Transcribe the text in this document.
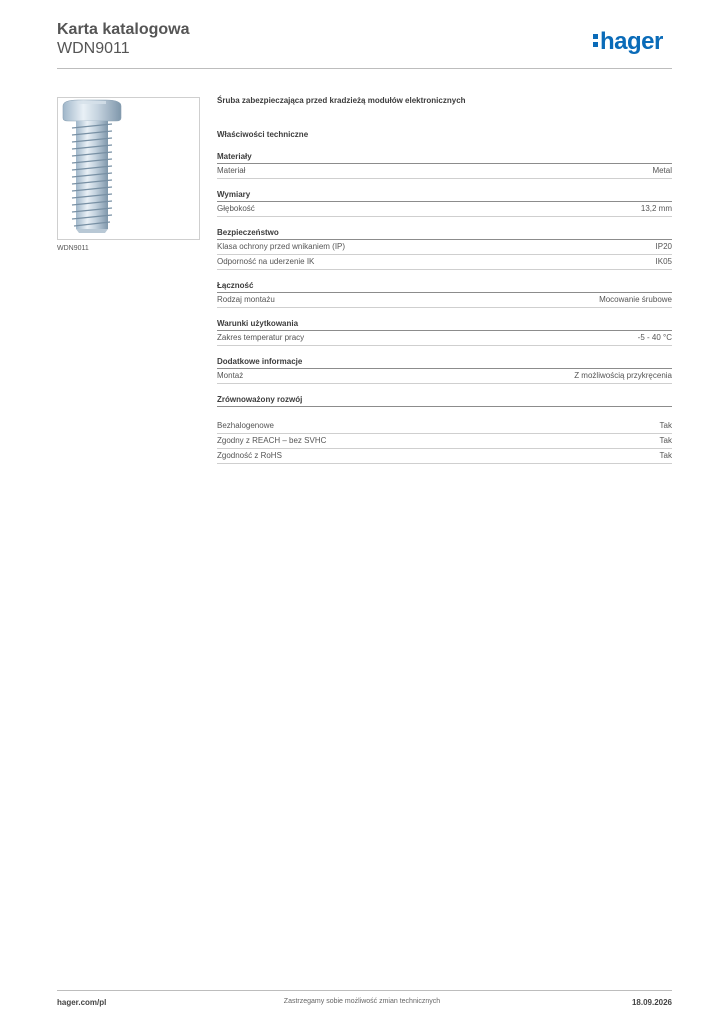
Karta katalogowa
WDN9011	hager
WDN9011
Śruba zabezpieczająca przed kradzieżą modułów elektronicznych
Właściwości techniczne
Materiały
Materiał	Metal
Wymiary
Głębokość	13,2 mm
Bezpieczeństwo
Klasa ochrony przed wnikaniem (IP)	IP20
Odporność na uderzenie IK	IK05
Łączność
Rodzaj montażu	Mocowanie śrubowe
Warunki użytkowania
Zakres temperatur pracy	-5 - 40 °C
Dodatkowe informacje
Montaż	Z możliwością przykręcenia
Zrównoważony rozwój
Bezhalogenowe	Tak
Zgodny z REACH – bez SVHC	Tak
Zgodność z RoHS	Tak
hager.com/pl	Zastrzegamy sobie możliwość zmian technicznych	18.09.2026
